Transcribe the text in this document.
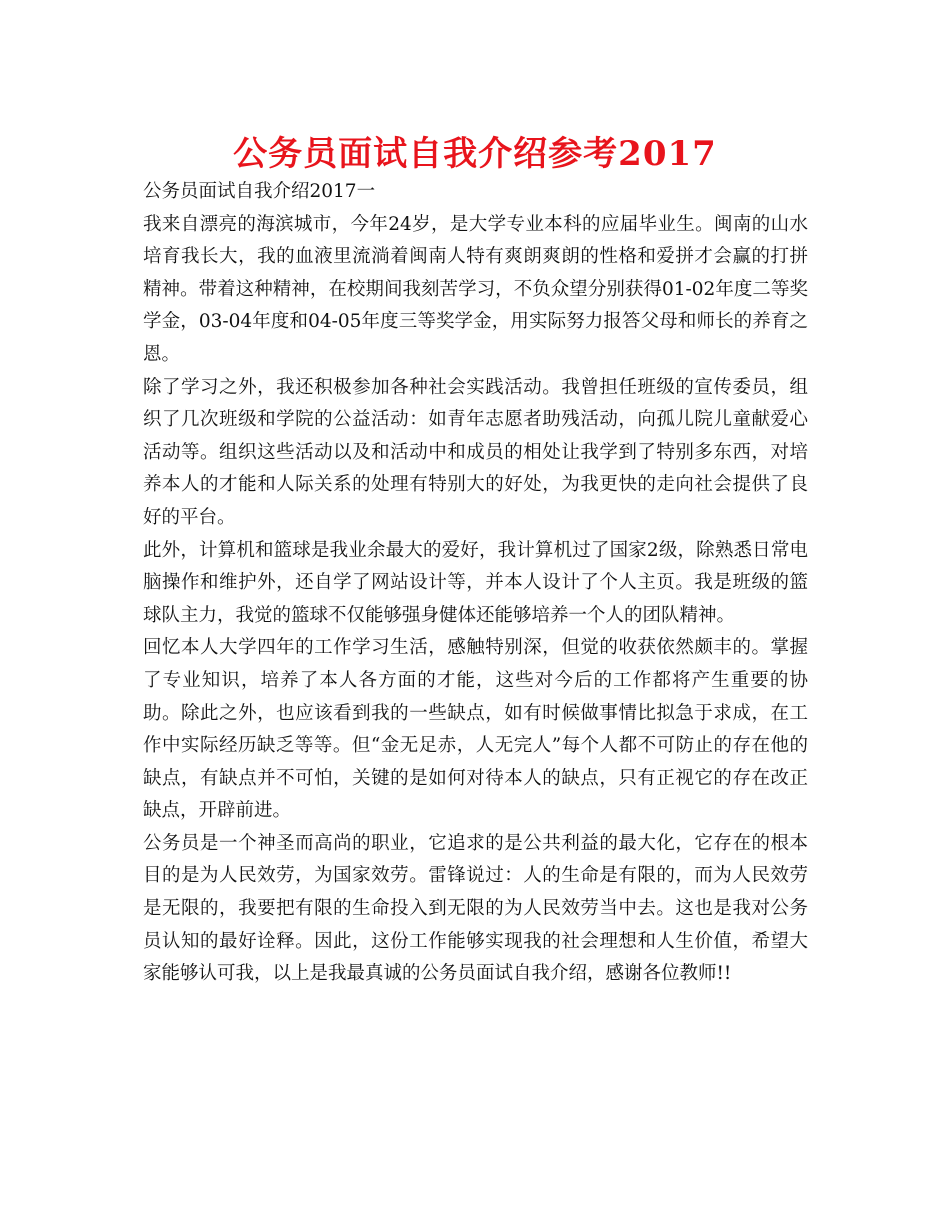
公务员面试自我介绍参考2017

公务员面试自我介绍2017一

我来自漂亮的海滨城市，今年24岁，是大学专业本科的应届毕业生。闽南的山水培育我长大，我的血液里流淌着闽南人特有爽朗爽朗的性格和爱拼才会赢的打拼精神。带着这种精神，在校期间我刻苦学习，不负众望分别获得01-02年度二等奖学金，03-04年度和04-05年度三等奖学金，用实际努力报答父母和师长的养育之恩。

除了学习之外，我还积极参加各种社会实践活动。我曾担任班级的宣传委员，组织了几次班级和学院的公益活动：如青年志愿者助残活动，向孤儿院儿童献爱心活动等。组织这些活动以及和活动中和成员的相处让我学到了特别多东西，对培养本人的才能和人际关系的处理有特别大的好处，为我更快的走向社会提供了良好的平台。

此外，计算机和篮球是我业余最大的爱好，我计算机过了国家2级，除熟悉日常电脑操作和维护外，还自学了网站设计等，并本人设计了个人主页。我是班级的篮球队主力，我觉的篮球不仅能够强身健体还能够培养一个人的团队精神。

回忆本人大学四年的工作学习生活，感触特别深，但觉的收获依然颇丰的。掌握了专业知识，培养了本人各方面的才能，这些对今后的工作都将产生重要的协助。除此之外，也应该看到我的一些缺点，如有时候做事情比拟急于求成，在工作中实际经历缺乏等等。但“金无足赤，人无完人”每个人都不可防止的存在他的缺点，有缺点并不可怕，关键的是如何对待本人的缺点，只有正视它的存在改正缺点，开辟前进。

公务员是一个神圣而高尚的职业，它追求的是公共利益的最大化，它存在的根本目的是为人民效劳，为国家效劳。雷锋说过：人的生命是有限的，而为人民效劳是无限的，我要把有限的生命投入到无限的为人民效劳当中去。这也是我对公务员认知的最好诠释。因此，这份工作能够实现我的社会理想和人生价值，希望大家能够认可我，以上是我最真诚的公务员面试自我介绍，感谢各位教师!!
